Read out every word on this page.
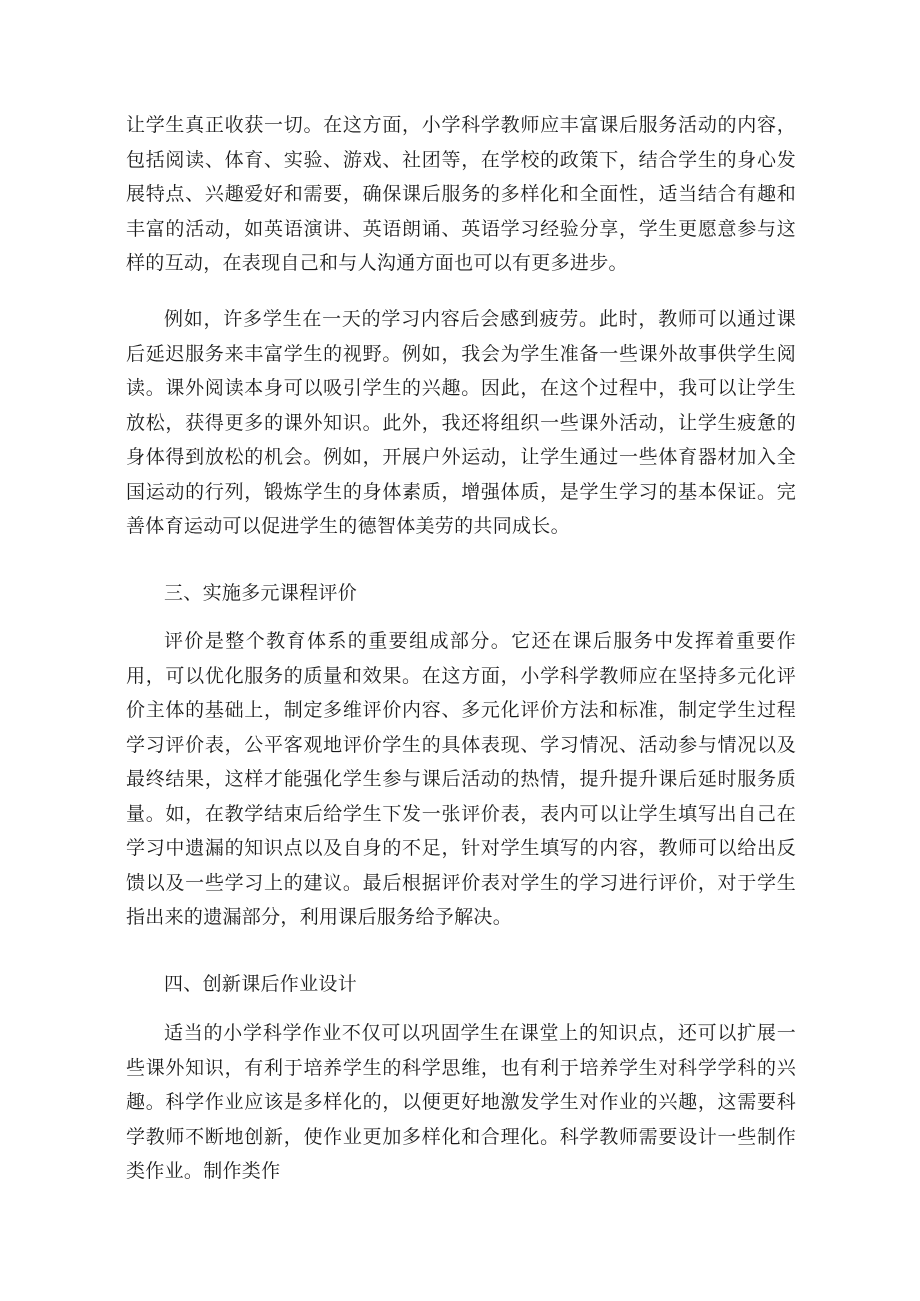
让学生真正收获一切。在这方面，小学科学教师应丰富课后服务活动的内容，包括阅读、体育、实验、游戏、社团等，在学校的政策下，结合学生的身心发展特点、兴趣爱好和需要，确保课后服务的多样化和全面性，适当结合有趣和丰富的活动，如英语演讲、英语朗诵、英语学习经验分享，学生更愿意参与这样的互动，在表现自己和与人沟通方面也可以有更多进步。

例如，许多学生在一天的学习内容后会感到疲劳。此时，教师可以通过课后延迟服务来丰富学生的视野。例如，我会为学生准备一些课外故事供学生阅读。课外阅读本身可以吸引学生的兴趣。因此，在这个过程中，我可以让学生放松，获得更多的课外知识。此外，我还将组织一些课外活动，让学生疲惫的身体得到放松的机会。例如，开展户外运动，让学生通过一些体育器材加入全国运动的行列，锻炼学生的身体素质，增强体质，是学生学习的基本保证。完善体育运动可以促进学生的德智体美劳的共同成长。

三、实施多元课程评价

评价是整个教育体系的重要组成部分。它还在课后服务中发挥着重要作用，可以优化服务的质量和效果。在这方面，小学科学教师应在坚持多元化评价主体的基础上，制定多维评价内容、多元化评价方法和标准，制定学生过程学习评价表，公平客观地评价学生的具体表现、学习情况、活动参与情况以及最终结果，这样才能强化学生参与课后活动的热情，提升提升课后延时服务质量。如，在教学结束后给学生下发一张评价表，表内可以让学生填写出自己在学习中遗漏的知识点以及自身的不足，针对学生填写的内容，教师可以给出反馈以及一些学习上的建议。最后根据评价表对学生的学习进行评价，对于学生指出来的遗漏部分，利用课后服务给予解决。

四、创新课后作业设计

适当的小学科学作业不仅可以巩固学生在课堂上的知识点，还可以扩展一些课外知识，有利于培养学生的科学思维，也有利于培养学生对科学学科的兴趣。科学作业应该是多样化的，以便更好地激发学生对作业的兴趣，这需要科学教师不断地创新，使作业更加多样化和合理化。科学教师需要设计一些制作类作业。制作类作
